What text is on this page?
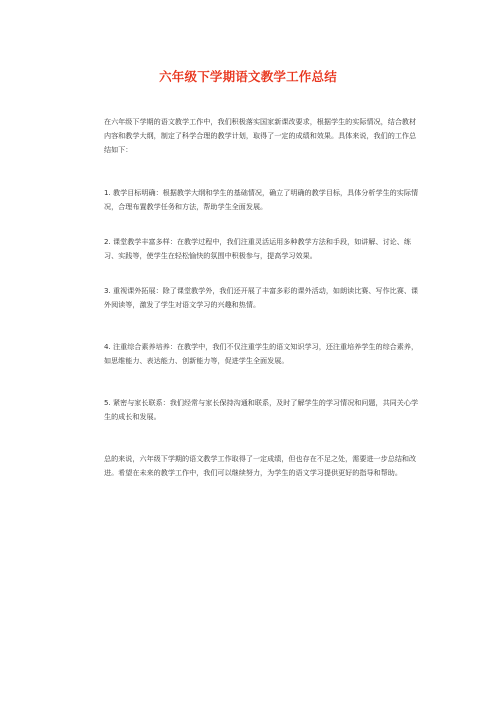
六年级下学期语文教学工作总结

在六年级下学期的语文教学工作中，我们积极落实国家新课改要求，根据学生的实际情况，结合教材内容和教学大纲，制定了科学合理的教学计划，取得了一定的成绩和效果。具体来说，我们的工作总结如下：

1. 教学目标明确：根据教学大纲和学生的基础情况，确立了明确的教学目标，具体分析学生的实际情况，合理布置教学任务和方法，帮助学生全面发展。

2. 课堂教学丰富多样：在教学过程中，我们注重灵活运用多种教学方法和手段，如讲解、讨论、练习、实践等，使学生在轻松愉快的氛围中积极参与，提高学习效果。

3. 重视课外拓展：除了课堂教学外，我们还开展了丰富多彩的课外活动，如朗读比赛、写作比赛、课外阅读等，激发了学生对语文学习的兴趣和热情。

4. 注重综合素养培养：在教学中，我们不仅注重学生的语文知识学习，还注重培养学生的综合素养，如思维能力、表达能力、创新能力等，促进学生全面发展。

5. 紧密与家长联系：我们经常与家长保持沟通和联系，及时了解学生的学习情况和问题，共同关心学生的成长和发展。

总的来说，六年级下学期的语文教学工作取得了一定成绩，但也存在不足之处，需要进一步总结和改进。希望在未来的教学工作中，我们可以继续努力，为学生的语文学习提供更好的指导和帮助。
